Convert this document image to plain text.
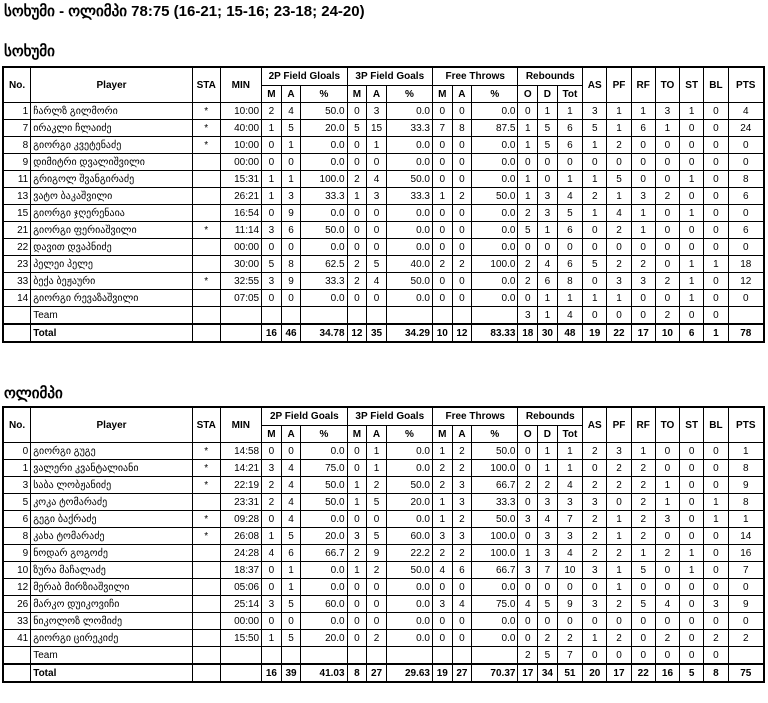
სოხუმი - ოლიმპი 78:75 (16-21; 15-16; 23-18; 24-20)
სოხუმი
No.	Player	STA	MIN	2P Field Gloals			3P Field Goals			Free Throws			Rebounds			AS	PF	RF	TO	ST	BL	PTS
				M	A	%	M	A	%	M	A	%	O	D	Tot							
1	ჩარლზ გილმორი	*	10:00	2	4	50.0	0	3	0.0	0	0	0.0	0	1	1	3	1	1	3	1	0	4
7	ირაკლი ჩლაიძე	*	40:00	1	5	20.0	5	15	33.3	7	8	87.5	1	5	6	5	1	6	1	0	0	24
8	გიორგი კვეტენაძე	*	10:00	0	1	0.0	0	1	0.0	0	0	0.0	1	5	6	1	2	0	0	0	0	0
9	დიმიტრი დვალიშვილი		00:00	0	0	0.0	0	0	0.0	0	0	0.0	0	0	0	0	0	0	0	0	0	0
11	გრიგოლ შვანგირაძე		15:31	1	1	100.0	2	4	50.0	0	0	0.0	1	0	1	1	5	0	0	1	0	8
13	ვატო ბაკაშვილი		26:21	1	3	33.3	1	3	33.3	1	2	50.0	1	3	4	2	1	3	2	0	0	6
15	გიორგი ჯღერენაია		16:54	0	9	0.0	0	0	0.0	0	0	0.0	2	3	5	1	4	1	0	1	0	0
21	გიორგი ფერიაშვილი	*	11:14	3	6	50.0	0	0	0.0	0	0	0.0	5	1	6	0	2	1	0	0	0	6
22	დავით დვაპნიძე		00:00	0	0	0.0	0	0	0.0	0	0	0.0	0	0	0	0	0	0	0	0	0	0
23	პელეი პელე		30:00	5	8	62.5	2	5	40.0	2	2	100.0	2	4	6	5	2	2	0	1	1	18
33	ბექა ბეჟაური	*	32:55	3	9	33.3	2	4	50.0	0	0	0.0	2	6	8	0	3	3	2	1	0	12
14	გიორგი რევაზაშვილი		07:05	0	0	0.0	0	0	0.0	0	0	0.0	0	1	1	1	1	0	0	1	0	0
	Team												3	1	4	0	0	0	2	0	0	
	Total			16	46	34.78	12	35	34.29	10	12	83.33	18	30	48	19	22	17	10	6	1	78
ოლიმპი
No.	Player	STA	MIN	2P Field Goals			3P Field Goals			Free Throws			Rebounds			AS	PF	RF	TO	ST	BL	PTS
				M	A	%	M	A	%	M	A	%	O	D	Tot							
0	გიორგი გუგე	*	14:58	0	0	0.0	0	1	0.0	1	2	50.0	0	1	1	2	3	1	0	0	0	1
1	ვალერი კვანტალიანი	*	14:21	3	4	75.0	0	1	0.0	2	2	100.0	0	1	1	0	2	2	0	0	0	8
3	საბა ლობჟანიძე	*	22:19	2	4	50.0	1	2	50.0	2	3	66.7	2	2	4	2	2	2	1	0	0	9
5	კოკა ტომარაძე		23:31	2	4	50.0	1	5	20.0	1	3	33.3	0	3	3	3	0	2	1	0	1	8
6	გეგი ბაქრაძე	*	09:28	0	4	0.0	0	0	0.0	1	2	50.0	3	4	7	2	1	2	3	0	1	1
8	კახა ტომარაძე	*	26:08	1	5	20.0	3	5	60.0	3	3	100.0	0	3	3	2	1	2	0	0	0	14
9	ნოდარ გოგოძე		24:28	4	6	66.7	2	9	22.2	2	2	100.0	1	3	4	2	2	1	2	1	0	16
10	ზურა მაჩალაძე		18:37	0	1	0.0	1	2	50.0	4	6	66.7	3	7	10	3	1	5	0	1	0	7
12	მერაბ მირზიაშვილი		05:06	0	1	0.0	0	0	0.0	0	0	0.0	0	0	0	0	1	0	0	0	0	0
26	მარკო დუიკოვიჩი		25:14	3	5	60.0	0	0	0.0	3	4	75.0	4	5	9	3	2	5	4	0	3	9
33	ნიკოლოზ ლომიძე		00:00	0	0	0.0	0	0	0.0	0	0	0.0	0	0	0	0	0	0	0	0	0	0
41	გიორგი ცირეკიძე		15:50	1	5	20.0	0	2	0.0	0	0	0.0	0	2	2	1	2	0	2	0	2	2
	Team												2	5	7	0	0	0	0	0	0	
	Total			16	39	41.03	8	27	29.63	19	27	70.37	17	34	51	20	17	22	16	5	8	75
